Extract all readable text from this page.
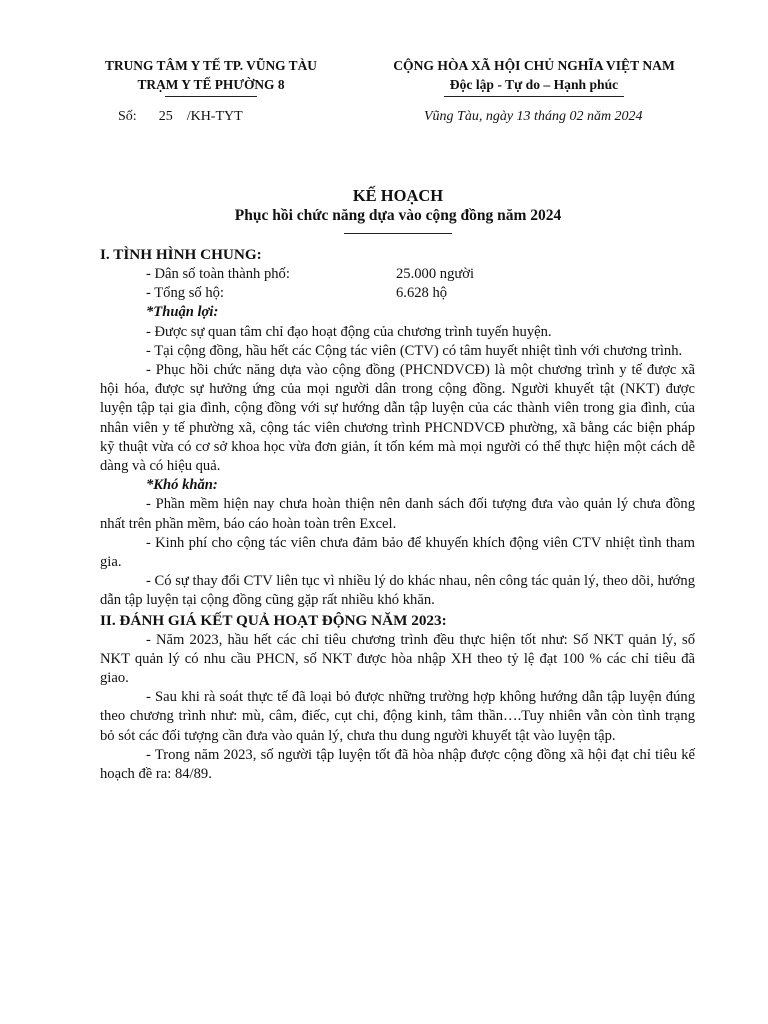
TRUNG TÂM Y TẾ TP. VŨNG TÀU
TRẠM Y TẾ PHƯỜNG 8
CỘNG HÒA XÃ HỘI CHỦ NGHĨA VIỆT NAM
Độc lập - Tự do – Hạnh phúc
Số: 25 /KH-TYT	Vũng Tàu, ngày 13 tháng 02 năm 2024
KẾ HOẠCH
Phục hồi chức năng dựa vào cộng đồng năm 2024

I. TÌNH HÌNH CHUNG:

- Dân số toàn thành phố:	25.000 người
- Tổng số hộ:	6.628 hộ

*Thuận lợi:

- Được sự quan tâm chỉ đạo hoạt động của chương trình tuyến huyện.

- Tại cộng đồng, hầu hết các Cộng tác viên (CTV) có tâm huyết nhiệt tình với chương trình.

- Phục hồi chức năng dựa vào cộng đồng (PHCNDVCĐ) là một chương trình y tế được xã hội hóa, được sự hưởng ứng của mọi người dân trong cộng đồng. Người khuyết tật (NKT) được luyện tập tại gia đình, cộng đồng với sự hướng dẫn tập luyện của các thành viên trong gia đình, của nhân viên y tế phường xã, cộng tác viên chương trình PHCNDVCĐ phường, xã bằng các biện pháp kỹ thuật vừa có cơ sở khoa học vừa đơn giản, ít tốn kém mà mọi người có thể thực hiện một cách dễ dàng và có hiệu quả.

*Khó khăn:

- Phần mềm hiện nay chưa hoàn thiện nên danh sách đối tượng đưa vào quản lý chưa đồng nhất trên phần mềm, báo cáo hoàn toàn trên Excel.

- Kinh phí cho cộng tác viên chưa đảm bảo để khuyến khích động viên CTV nhiệt tình tham gia.

- Có sự thay đổi CTV liên tục vì nhiều lý do khác nhau, nên công tác quản lý, theo dõi, hướng dẫn tập luyện tại cộng đồng cũng gặp rất nhiều khó khăn.

II. ĐÁNH GIÁ KẾT QUẢ HOẠT ĐỘNG NĂM 2023:

- Năm 2023, hầu hết các chỉ tiêu chương trình đều thực hiện tốt như: Số NKT quản lý, số NKT quản lý có nhu cầu PHCN, số NKT được hòa nhập XH theo tỷ lệ đạt 100 % các chỉ tiêu đã giao.

- Sau khi rà soát thực tế đã loại bỏ được những trường hợp không hướng dẫn tập luyện đúng theo chương trình như: mù, câm, điếc, cụt chi, động kinh, tâm thần….Tuy nhiên vẫn còn tình trạng bỏ sót các đối tượng cần đưa vào quản lý, chưa thu dung người khuyết tật vào luyện tập.

- Trong năm 2023, số người tập luyện tốt đã hòa nhập được cộng đồng xã hội đạt chỉ tiêu kế hoạch đề ra: 84/89.
